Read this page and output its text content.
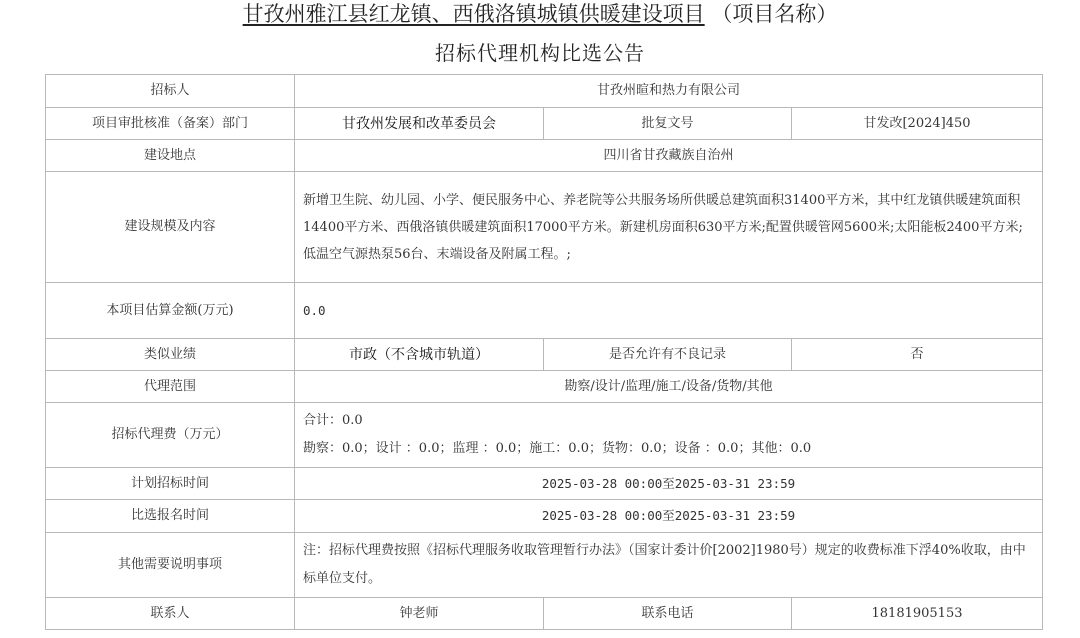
甘孜州雅江县红龙镇、西俄洛镇城镇供暖建设项目 （项目名称）
招标代理机构比选公告
招标人	甘孜州暄和热力有限公司		
项目审批核准（备案）部门	甘孜州发展和改革委员会	批复文号	甘发改[2024]450
建设地点	四川省甘孜藏族自治州		
建设规模及内容	新增卫生院、幼儿园、小学、便民服务中心、养老院等公共服务场所供暖总建筑面积31400平方米，其中红龙镇供暖建筑面积14400平方米、西俄洛镇供暖建筑面积17000平方米。新建机房面积630平方米;配置供暖管网5600米;太阳能板2400平方米;低温空气源热泵56台、末端设备及附属工程。;		
本项目估算金额(万元)	0.0		
类似业绩	市政（不含城市轨道）	是否允许有不良记录	否
代理范围	勘察/设计/监理/施工/设备/货物/其他		
招标代理费（万元）	合计：0.0
勘察：0.0；设计 ：0.0；监理 ：0.0；施工：0.0；货物：0.0；设备 ：0.0；其他：0.0		

计划招标时间	2025-03-28 00:00至2025-03-31 23:59		
比选报名时间	2025-03-28 00:00至2025-03-31 23:59		
其他需要说明事项	注：招标代理费按照《招标代理服务收取管理暂行办法》（国家计委计价[2002]1980号）规定的收费标准下浮40%收取，由中标单位支付。		
联系人	钟老师	联系电话	18181905153
